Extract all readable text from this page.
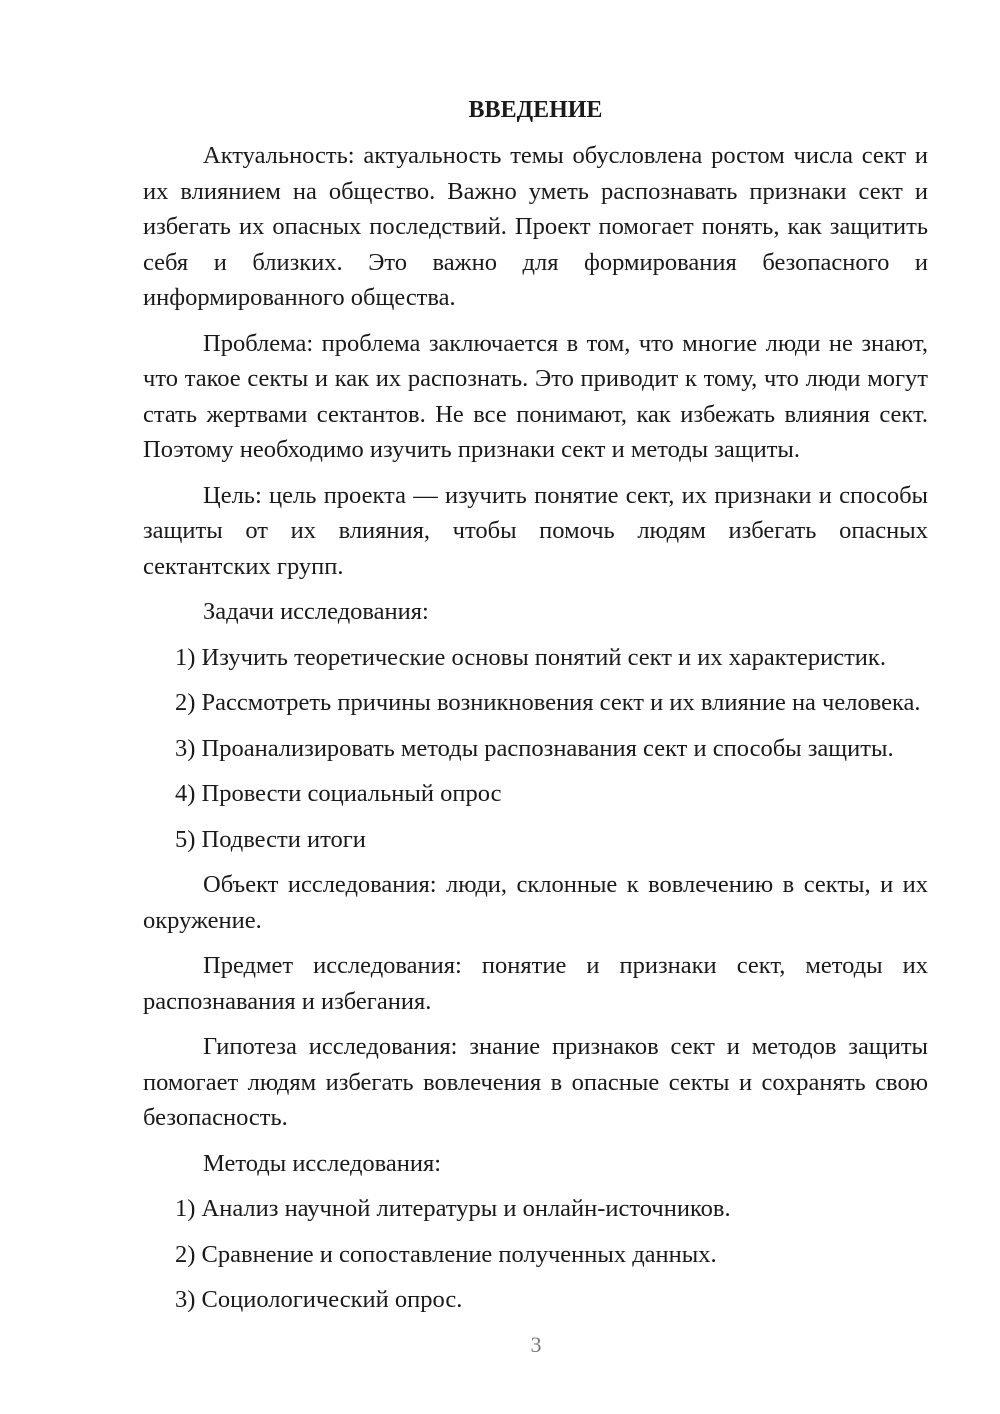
ВВЕДЕНИЕ

Актуальность: актуальность темы обусловлена ростом числа сект и их влиянием на общество. Важно уметь распознавать признаки сект и избегать их опасных последствий. Проект помогает понять, как защитить себя и близких. Это важно для формирования безопасного и информированного общества.

Проблема: проблема заключается в том, что многие люди не знают, что такое секты и как их распознать. Это приводит к тому, что люди могут стать жертвами сектантов. Не все понимают, как избежать влияния сект. Поэтому необходимо изучить признаки сект и методы защиты.

Цель: цель проекта — изучить понятие сект, их признаки и способы защиты от их влияния, чтобы помочь людям избегать опасных сектантских групп.

Задачи исследования:

1) Изучить теоретические основы понятий сект и их характеристик.
2) Рассмотреть причины возникновения сект и их влияние на человека.
3) Проанализировать методы распознавания сект и способы защиты.
4) Провести социальный опрос
5) Подвести итоги

Объект исследования: люди, склонные к вовлечению в секты, и их окружение.

Предмет исследования: понятие и признаки сект, методы их распознавания и избегания.

Гипотеза исследования: знание признаков сект и методов защиты помогает людям избегать вовлечения в опасные секты и сохранять свою безопасность.

Методы исследования:

1) Анализ научной литературы и онлайн-источников.
2) Сравнение и сопоставление полученных данных.
3) Социологический опрос.
3
